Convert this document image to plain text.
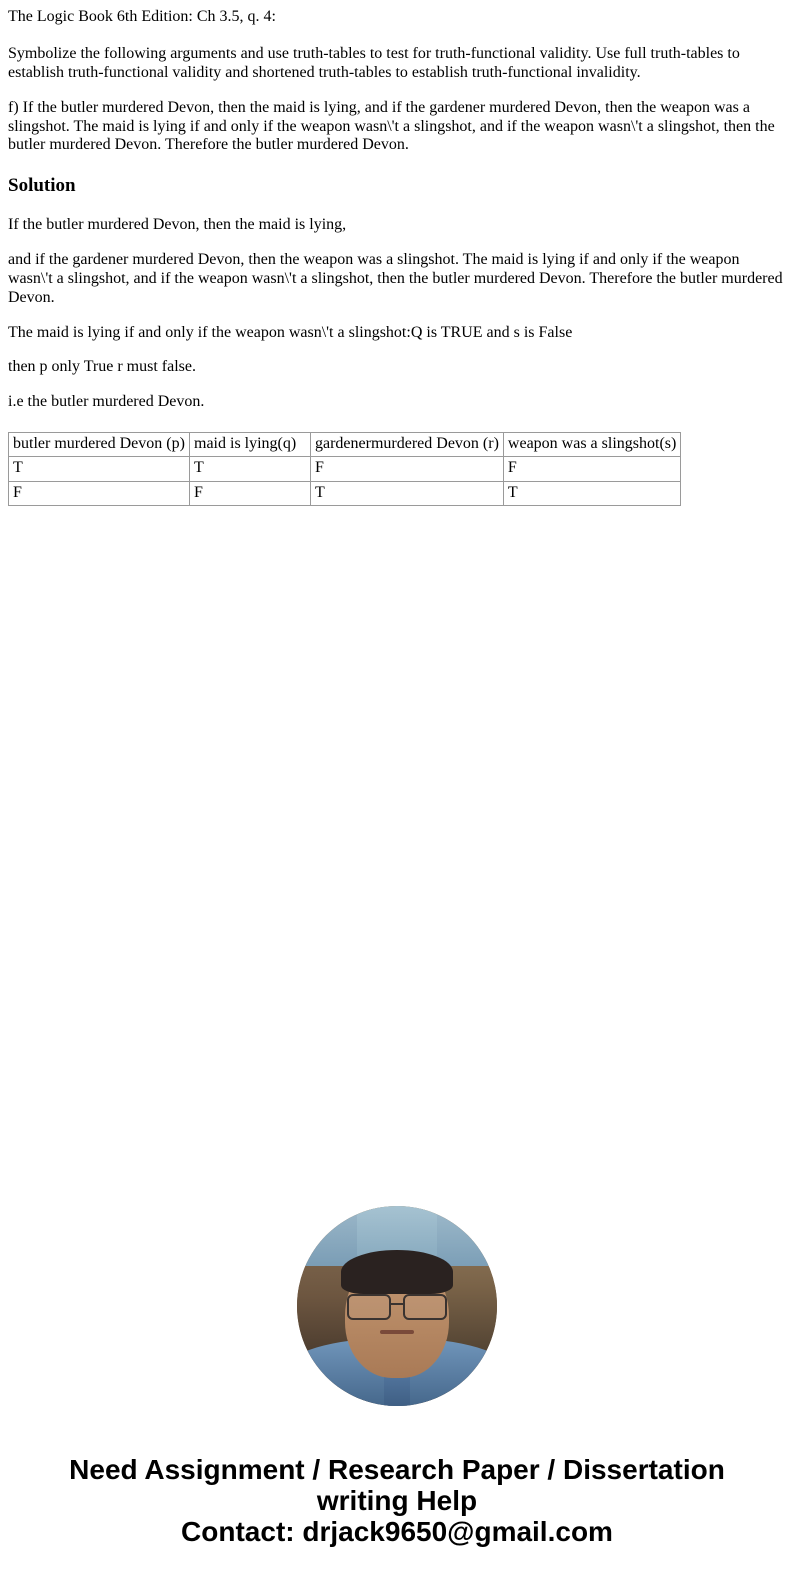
The Logic Book 6th Edition: Ch 3.5, q. 4:

Symbolize the following arguments and use truth-tables to test for truth-functional validity. Use full truth-tables to establish truth-functional validity and shortened truth-tables to establish truth-functional invalidity.

f) If the butler murdered Devon, then the maid is lying, and if the gardener murdered Devon, then the weapon was a slingshot. The maid is lying if and only if the weapon wasn\'t a slingshot, and if the weapon wasn\'t a slingshot, then the butler murdered Devon. Therefore the butler murdered Devon.

Solution

If the butler murdered Devon, then the maid is lying,

and if the gardener murdered Devon, then the weapon was a slingshot. The maid is lying if and only if the weapon wasn\'t a slingshot, and if the weapon wasn\'t a slingshot, then the butler murdered Devon. Therefore the butler murdered Devon.

The maid is lying if and only if the weapon wasn\'t a slingshot:Q is TRUE and s is False

then p only True r must false.

i.e the butler murdered Devon.

butler murdered Devon (p)	maid is lying(q)	gardenermurdered Devon (r)	weapon was a slingshot(s)
T	T	F	F
F	F	T	T
Need Assignment / Research Paper / Dissertation
writing Help
Contact: drjack9650@gmail.com
